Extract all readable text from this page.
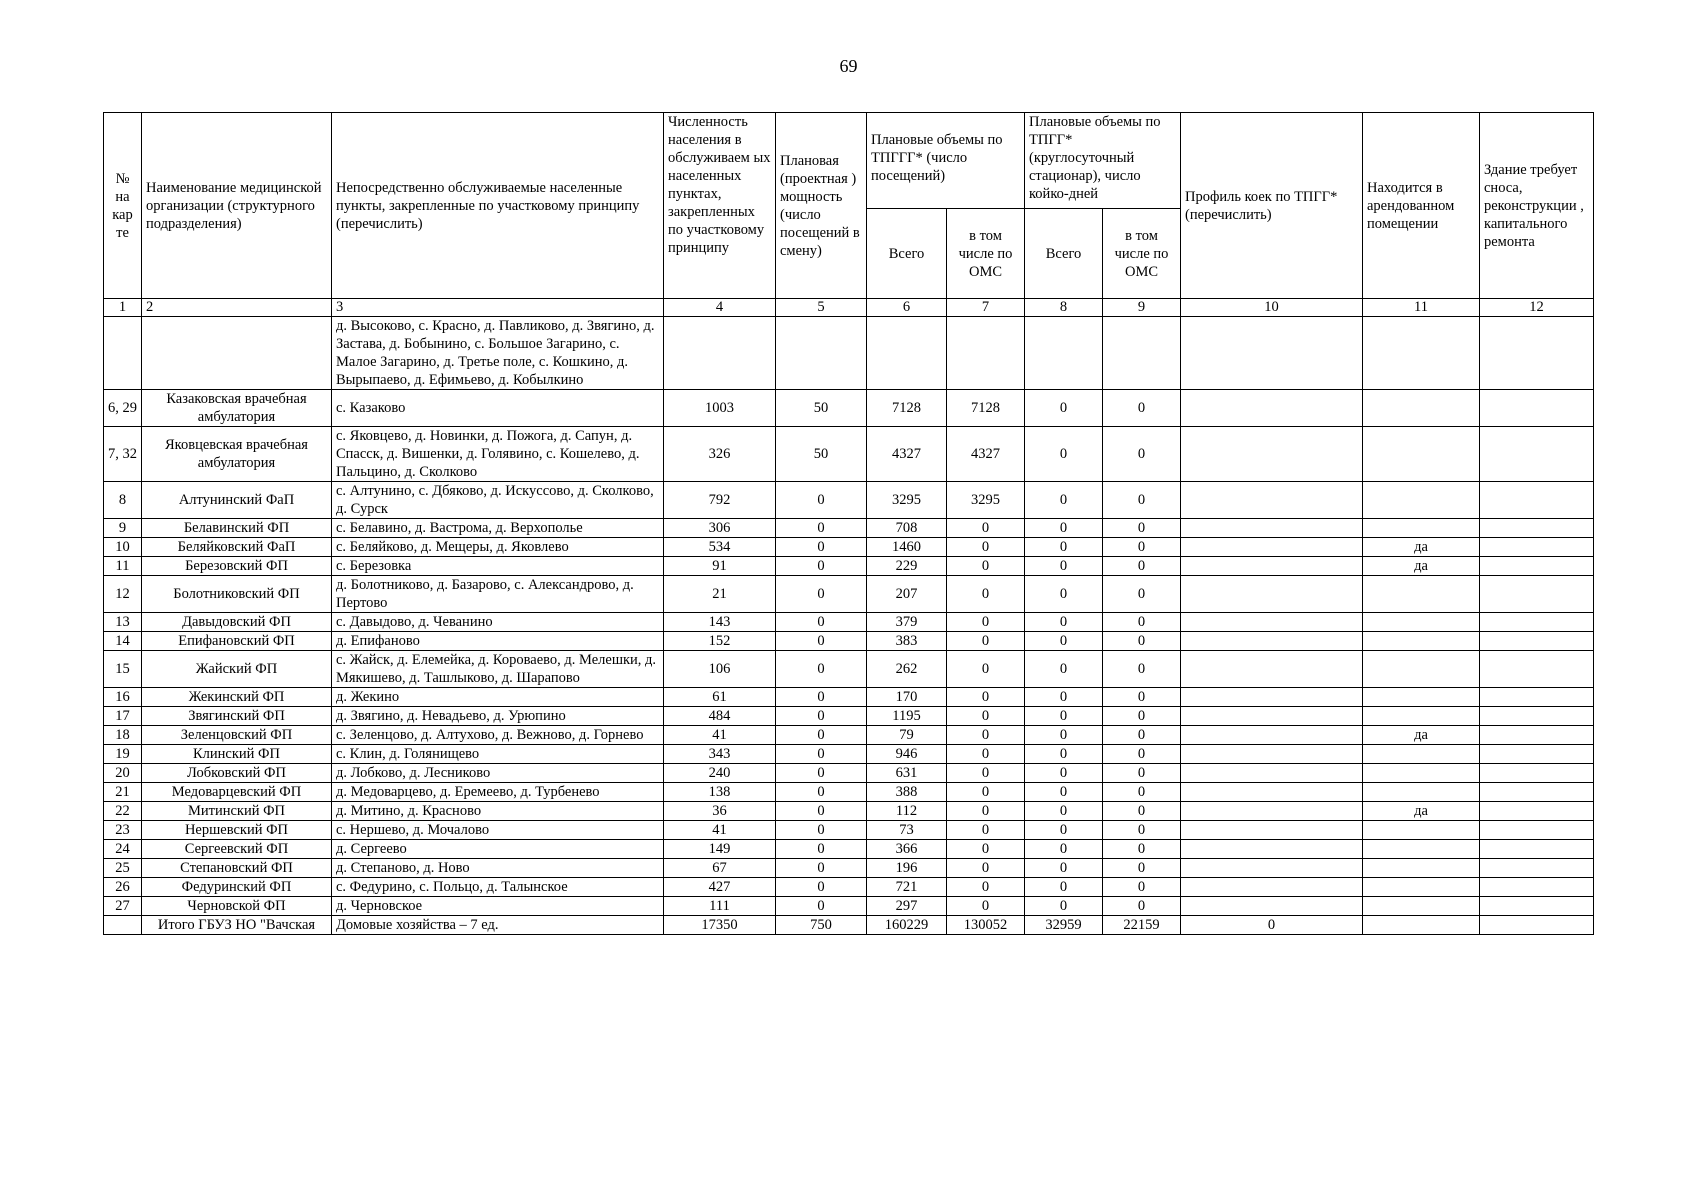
69
№ на кар те	Наименование медицинской организации (структурного подразделения)	Непосредственно обслуживаемые населенные пункты, закрепленные по участковому принципу (перечислить)	Численность населения в обслуживаем ых населенных пунктах, закрепленных по участковому принципу	Плановая (проектная ) мощность (число посещений в смену)	Плановые объемы по ТПГГГ* (число посещений)		Плановые объемы по ТПГГ* (круглосуточный стационар), число койко-дней		Профиль коек по ТПГГ* (перечислить)	Находится в арендованном помещении	Здание требует сноса, реконструкции , капитального ремонта
					Всего	в том числе по ОМС	Всего	в том числе по ОМС			
1	2	3	4	5	6	7	8	9	10	11	12
		д. Высоково, с. Красно, д. Павликово, д. Звягино, д. Застава, д. Бобынино, с. Большое Загарино, с. Малое Загарино, д. Третье поле, с. Кошкино, д. Вырыпаево, д. Ефимьево, д. Кобылкино									
6, 29	Казаковская врачебная амбулатория	с. Казаково	1003	50	7128	7128	0	0			
7, 32	Яковцевская врачебная амбулатория	с. Яковцево, д. Новинки, д. Пожога, д. Сапун, д. Спасск, д. Вишенки, д. Голявино, с. Кошелево, д. Пальцино, д. Сколково	326	50	4327	4327	0	0			
8	Алтунинский ФаП	с. Алтунино, с. Дбяково, д. Искуссово, д. Сколково, д. Сурск	792	0	3295	3295	0	0			
9	Белавинский ФП	с. Белавино, д. Вастрома, д. Верхополье	306	0	708	0	0	0			
10	Беляйковский ФаП	с. Беляйково, д. Мещеры, д. Яковлево	534	0	1460	0	0	0		да	
11	Березовский ФП	с. Березовка	91	0	229	0	0	0		да	
12	Болотниковский ФП	д. Болотниково, д. Базарово, с. Александрово, д. Пертово	21	0	207	0	0	0			
13	Давыдовский ФП	с. Давыдово, д. Чеванино	143	0	379	0	0	0			
14	Епифановский ФП	д. Епифаново	152	0	383	0	0	0			
15	Жайский ФП	с. Жайск, д. Елемейка, д. Короваево, д. Мелешки, д. Мякишево, д. Ташлыково, д. Шарапово	106	0	262	0	0	0			
16	Жекинский ФП	д. Жекино	61	0	170	0	0	0			
17	Звягинский ФП	д. Звягино, д. Невадьево, д. Урюпино	484	0	1195	0	0	0			
18	Зеленцовский ФП	с. Зеленцово, д. Алтухово, д. Вежново, д. Горнево	41	0	79	0	0	0		да	
19	Клинский ФП	с. Клин, д. Голянищево	343	0	946	0	0	0			
20	Лобковский ФП	д. Лобково, д. Лесниково	240	0	631	0	0	0			
21	Медоварцевский ФП	д. Медоварцево, д. Еремеево, д. Турбенево	138	0	388	0	0	0			
22	Митинский ФП	д. Митино, д. Красново	36	0	112	0	0	0		да	
23	Нершевский ФП	с. Нершево, д. Мочалово	41	0	73	0	0	0			
24	Сергеевский ФП	д. Сергеево	149	0	366	0	0	0			
25	Степановский ФП	д. Степаново, д. Ново	67	0	196	0	0	0			
26	Федуринский ФП	с. Федурино, с. Польцо, д. Талынское	427	0	721	0	0	0			
27	Черновской ФП	д. Черновское	111	0	297	0	0	0			
	Итого ГБУЗ НО "Вачская	Домовые хозяйства – 7 ед.	17350	750	160229	130052	32959	22159	0		
